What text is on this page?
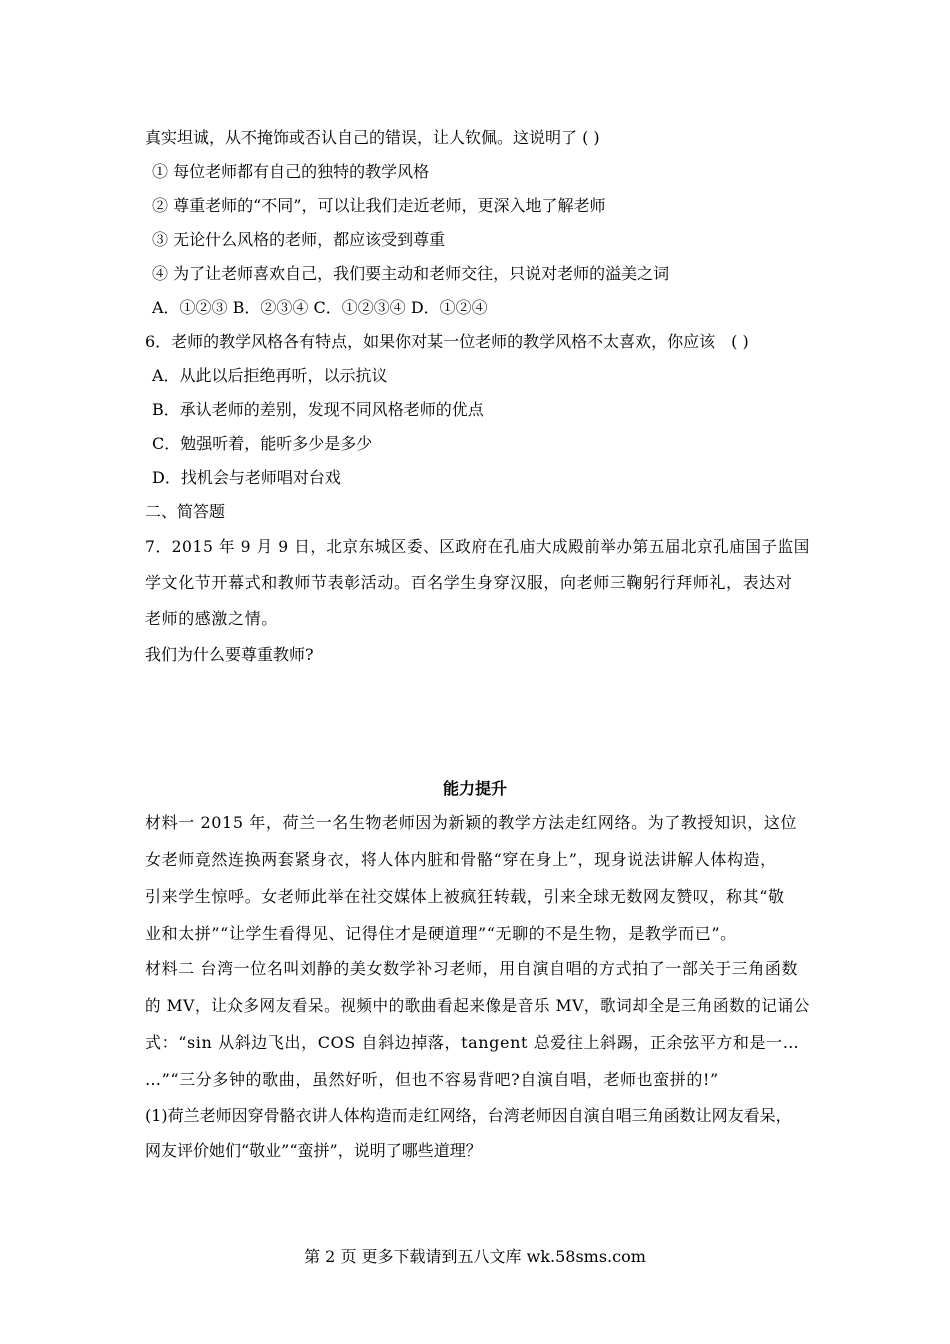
真实坦诚，从不掩饰或否认自己的错误，让人钦佩。这说明了 ( )
① 每位老师都有自己的独特的教学风格
② 尊重老师的“不同”，可以让我们走近老师，更深入地了解老师
③ 无论什么风格的老师，都应该受到尊重
④ 为了让老师喜欢自己，我们要主动和老师交往，只说对老师的溢美之词
A．①②③ B．②③④ C．①②③④ D．①②④
6．老师的教学风格各有特点，如果你对某一位老师的教学风格不太喜欢，你应该　( )
A．从此以后拒绝再听，以示抗议
B．承认老师的差别，发现不同风格老师的优点
C．勉强听着，能听多少是多少
D．找机会与老师唱对台戏
二、简答题
7．2015 年 9 月 9 日，北京东城区委、区政府在孔庙大成殿前举办第五届北京孔庙国子监国
学文化节开幕式和教师节表彰活动。百名学生身穿汉服，向老师三鞠躬行拜师礼，表达对
老师的感激之情。
我们为什么要尊重教师?
能力提升
材料一 2015 年，荷兰一名生物老师因为新颖的教学方法走红网络。为了教授知识，这位
女老师竟然连换两套紧身衣，将人体内脏和骨骼“穿在身上”，现身说法讲解人体构造，
引来学生惊呼。女老师此举在社交媒体上被疯狂转载，引来全球无数网友赞叹，称其“敬
业和太拼”“让学生看得见、记得住才是硬道理”“无聊的不是生物，是教学而已”。
材料二 台湾一位名叫刘静的美女数学补习老师，用自演自唱的方式拍了一部关于三角函数
的 MV，让众多网友看呆。视频中的歌曲看起来像是音乐 MV，歌词却全是三角函数的记诵公
式：“sin 从斜边飞出，COS 自斜边掉落，tangent 总爱往上斜踢，正余弦平方和是一…
…”“三分多钟的歌曲，虽然好听，但也不容易背吧?自演自唱，老师也蛮拼的!”
(1)荷兰老师因穿骨骼衣讲人体构造而走红网络，台湾老师因自演自唱三角函数让网友看呆，
网友评价她们“敬业”“蛮拼”，说明了哪些道理？
第 2 页 更多下载请到五八文库 wk.58sms.com
